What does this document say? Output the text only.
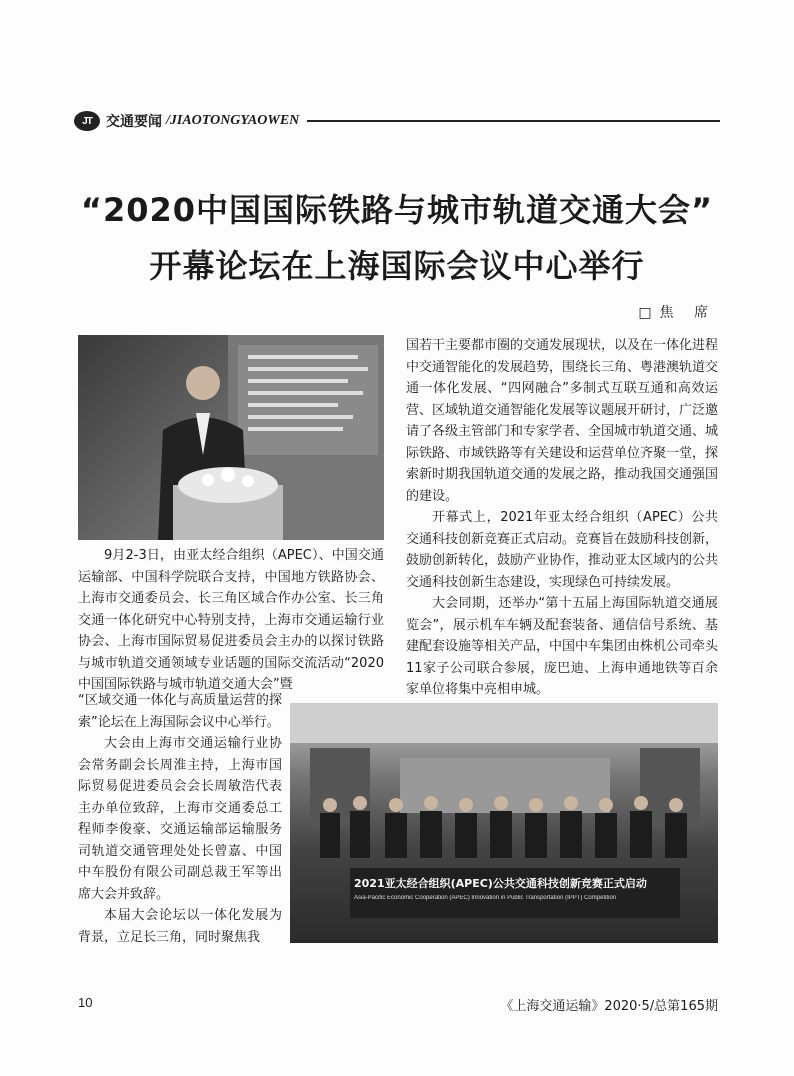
JT	交通要闻 /JIAOTONGYAOWEN
“2020中国国际铁路与城市轨道交通大会”
开幕论坛在上海国际会议中心举行
□焦 席

9月2-3日，由亚太经合组织（APEC）、中国交通运输部、中国科学院联合支持，中国地方铁路协会、上海市交通委员会、长三角区域合作办公室、长三角交通一体化研究中心特别支持，上海市交通运输行业协会、上海市国际贸易促进委员会主办的以探讨铁路与城市轨道交通领域专业话题的国际交流活动“2020中国国际铁路与城市轨道交通大会”暨

“区域交通一体化与高质量运营的探索”论坛在上海国际会议中心举行。

大会由上海市交通运输行业协会常务副会长周淮主持，上海市国际贸易促进委员会会长周敏浩代表主办单位致辞，上海市交通委总工程师李俊豪、交通运输部运输服务司轨道交通管理处处长曾嘉、中国中车股份有限公司副总裁王军等出席大会并致辞。

本届大会论坛以一体化发展为背景，立足长三角，同时聚焦我

国若干主要都市圈的交通发展现状，以及在一体化进程中交通智能化的发展趋势，围绕长三角、粤港澳轨道交通一体化发展、“四网融合”多制式互联互通和高效运营、区域轨道交通智能化发展等议题展开研讨，广泛邀请了各级主管部门和专家学者、全国城市轨道交通、城际铁路、市域铁路等有关建设和运营单位齐聚一堂，探索新时期我国轨道交通的发展之路，推动我国交通强国的建设。

开幕式上，2021年亚太经合组织（APEC）公共交通科技创新竞赛正式启动。竞赛旨在鼓励科技创新，鼓励创新转化，鼓励产业协作，推动亚太区域内的公共交通科技创新生态建设，实现绿色可持续发展。

大会同期，还举办“第十五届上海国际轨道交通展览会”，展示机车车辆及配套装备、通信信号系统、基建配套设施等相关产品，中国中车集团由株机公司牵头11家子公司联合参展，庞巴迪、上海申通地铁等百余家单位将集中亮相申城。

2021亚太经合组织(APEC)公共交通科技创新竞赛正式启动
Asia-Pacific Economic Cooperation (APEC) Innovation in Public Transportation (IPPT) Competition
10	《上海交通运输》2020·5/总第165期
